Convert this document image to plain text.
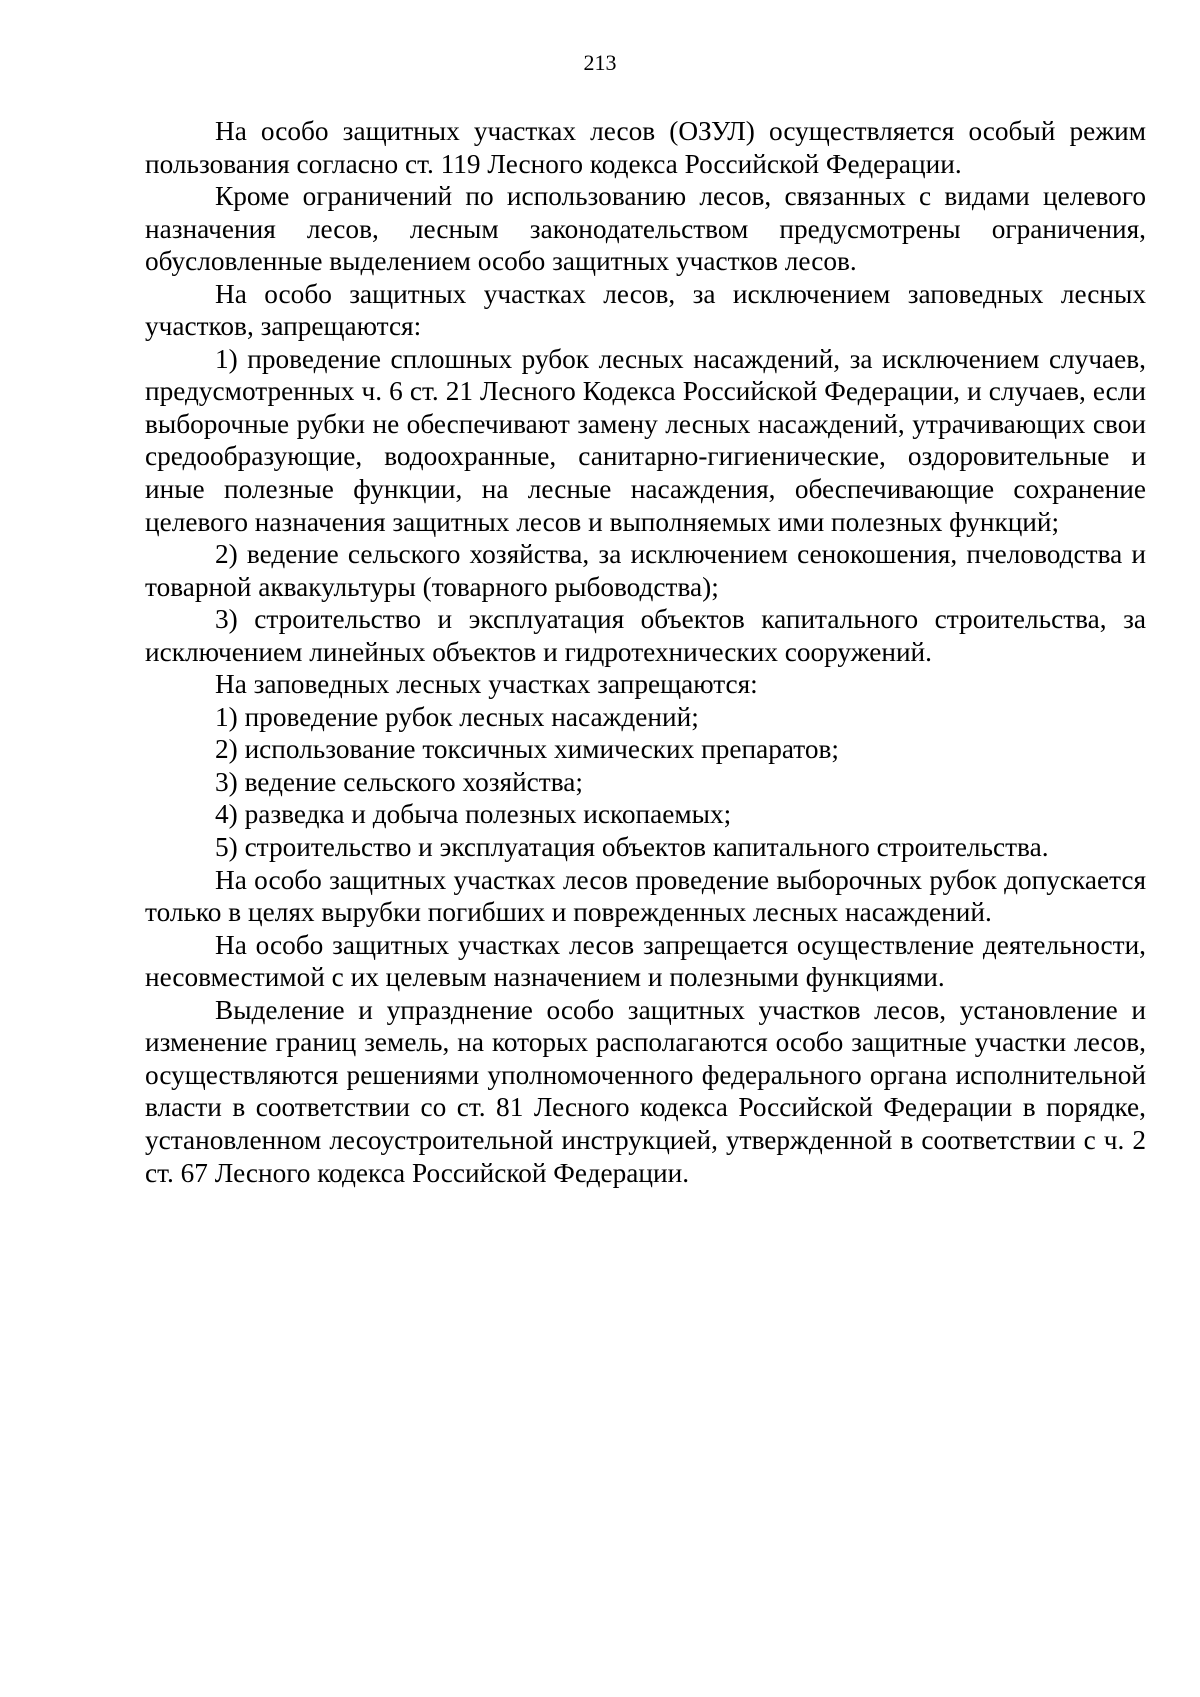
213

На особо защитных участках лесов (ОЗУЛ) осуществляется особый режим пользования согласно ст. 119 Лесного кодекса Российской Федерации.

Кроме ограничений по использованию лесов, связанных с видами целевого назначения лесов, лесным законодательством предусмотрены ограничения, обусловленные выделением особо защитных участков лесов.

На особо защитных участках лесов, за исключением заповедных лесных участков, запрещаются:

1) проведение сплошных рубок лесных насаждений, за исключением случаев, предусмотренных ч. 6 ст. 21 Лесного Кодекса Российской Федерации, и случаев, если выборочные рубки не обеспечивают замену лесных насаждений, утрачивающих свои средообразующие, водоохранные, санитарно-гигиенические, оздоровительные и иные полезные функции, на лесные насаждения, обеспечивающие сохранение целевого назначения защитных лесов и выполняемых ими полезных функций;

2) ведение сельского хозяйства, за исключением сенокошения, пчеловодства и товарной аквакультуры (товарного рыбоводства);

3) строительство и эксплуатация объектов капитального строительства, за исключением линейных объектов и гидротехнических сооружений.

На заповедных лесных участках запрещаются:

1) проведение рубок лесных насаждений;

2) использование токсичных химических препаратов;

3) ведение сельского хозяйства;

4) разведка и добыча полезных ископаемых;

5) строительство и эксплуатация объектов капитального строительства.

На особо защитных участках лесов проведение выборочных рубок допускается только в целях вырубки погибших и поврежденных лесных насаждений.

На особо защитных участках лесов запрещается осуществление деятельности, несовместимой с их целевым назначением и полезными функциями.

Выделение и упразднение особо защитных участков лесов, установление и изменение границ земель, на которых располагаются особо защитные участки лесов, осуществляются решениями уполномоченного федерального органа исполнительной власти в соответствии со ст. 81 Лесного кодекса Российской Федерации в порядке, установленном лесоустроительной инструкцией, утвержденной в соответствии с ч. 2 ст. 67 Лесного кодекса Российской Федерации.
